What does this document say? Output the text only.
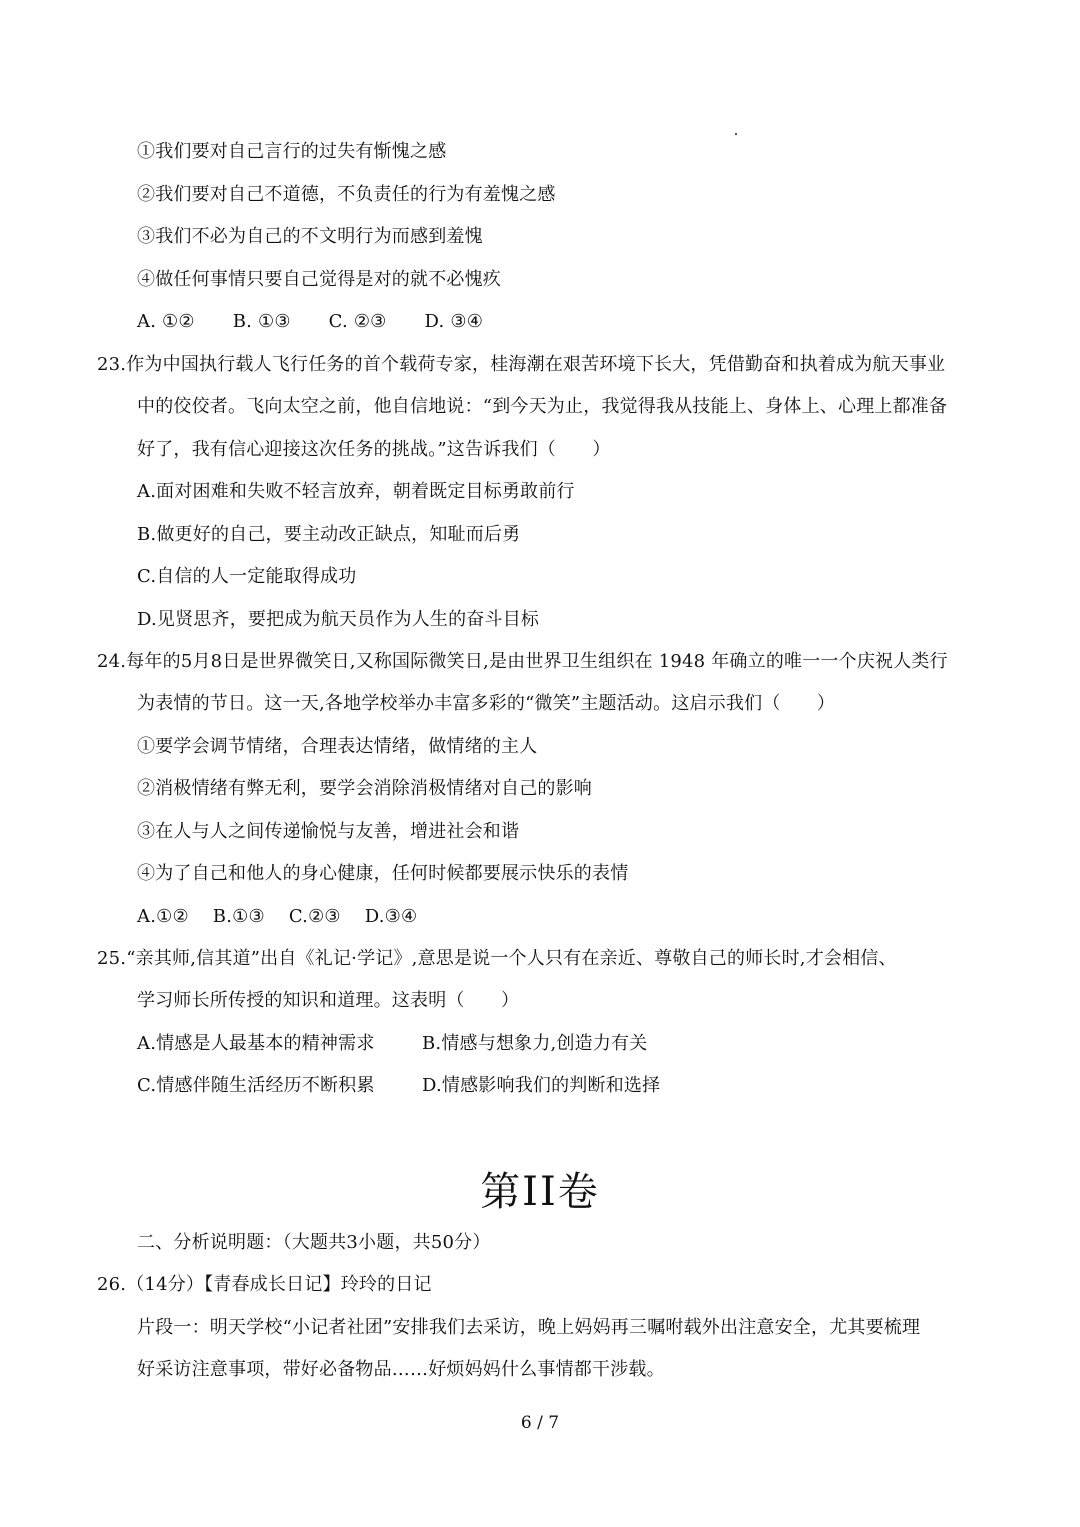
①我们要对自己言行的过失有惭愧之感
②我们要对自己不道德，不负责任的行为有羞愧之感
③我们不必为自己的不文明行为而感到羞愧
④做任何事情只要自己觉得是对的就不必愧疚
A. ①② B. ①③ C. ②③ D. ③④
23.作为中国执行载人飞行任务的首个载荷专家，桂海潮在艰苦环境下长大，凭借勤奋和执着成为航天事业
中的佼佼者。飞向太空之前，他自信地说：“到今天为止，我觉得我从技能上、身体上、心理上都准备
好了，我有信心迎接这次任务的挑战。”这告诉我们（　　）
A.面对困难和失败不轻言放弃，朝着既定目标勇敢前行
B.做更好的自己，要主动改正缺点，知耻而后勇
C.自信的人一定能取得成功
D.见贤思齐，要把成为航天员作为人生的奋斗目标
24.每年的5月8日是世界微笑日,又称国际微笑日,是由世界卫生组织在 1948 年确立的唯一一个庆祝人类行
为表情的节日。这一天,各地学校举办丰富多彩的“微笑”主题活动。这启示我们（　　）
①要学会调节情绪，合理表达情绪，做情绪的主人
②消极情绪有弊无利，要学会消除消极情绪对自己的影响
③在人与人之间传递愉悦与友善，增进社会和谐
④为了自己和他人的身心健康，任何时候都要展示快乐的表情
A.①② B.①③ C.②③ D.③④
25.“亲其师,信其道”出自《礼记·学记》,意思是说一个人只有在亲近、尊敬自己的师长时,才会相信、
学习师长所传授的知识和道理。这表明（　　）
A.情感是人最基本的精神需求	B.情感与想象力,创造力有关
C.情感伴随生活经历不断积累	D.情感影响我们的判断和选择
第II卷
二、分析说明题：（大题共3小题，共50分）
26.（14分）【青春成长日记】玲玲的日记
片段一：明天学校“小记者社团”安排我们去采访，晚上妈妈再三嘱咐载外出注意安全，尤其要梳理
好采访注意事项，带好必备物品……好烦妈妈什么事情都干涉载。
6 / 7
